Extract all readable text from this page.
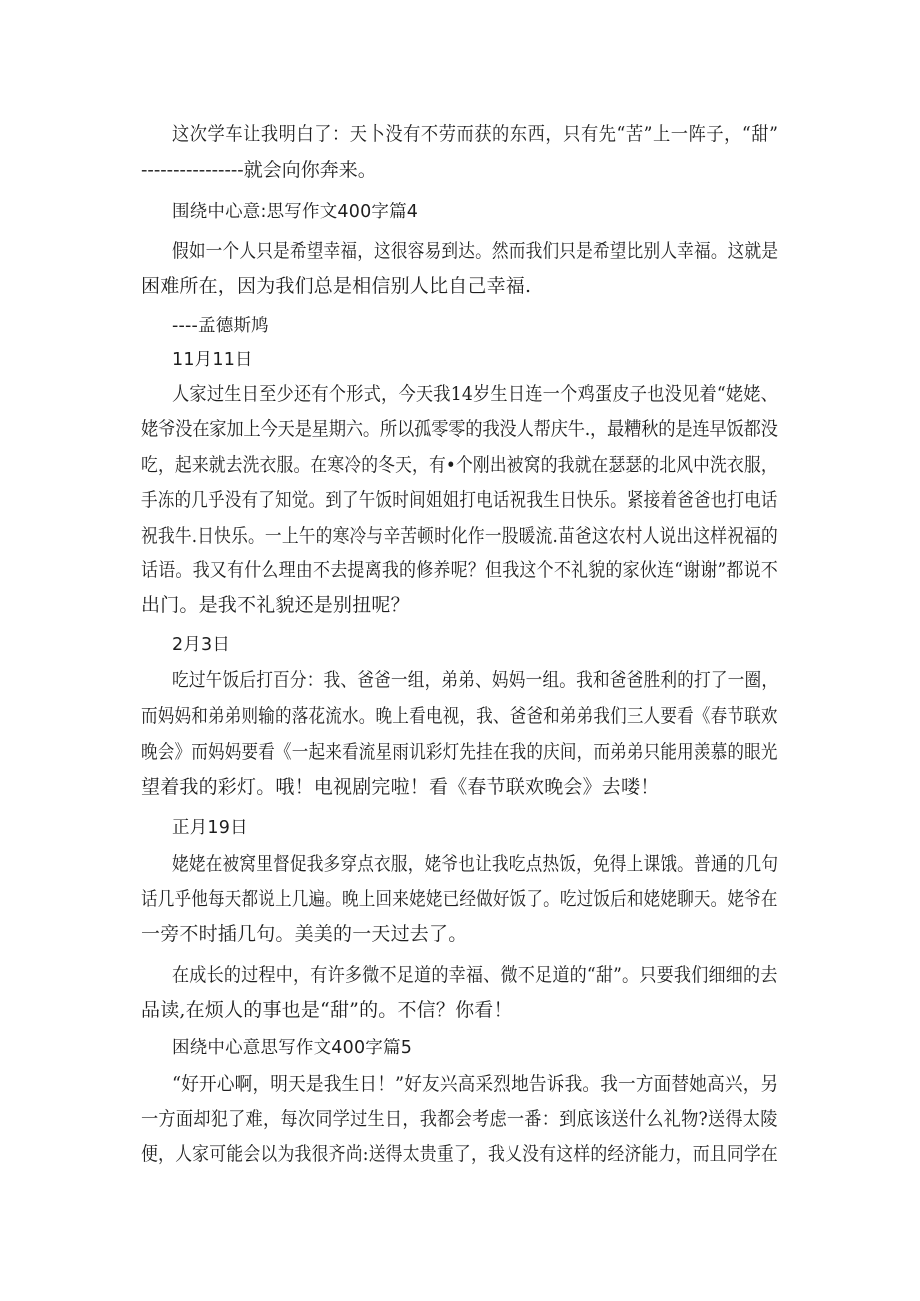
这次学车让我明白了：天卜没有不劳而获的东西，只有先“苦”上一阵子，“甜”
----------------就会向你奔来。
围绕中心意:思写作文400字篇4
假如一个人只是希望幸福，这很容易到达。然而我们只是希望比别人幸福。这就是
困难所在，因为我们总是相信别人比自己幸福.
----孟德斯鸠
11月11日
人家过生日至少还有个形式，今天我14岁生日连一个鸡蛋皮子也没见着“姥姥、
姥爷没在家加上今天是星期六。所以孤零零的我没人帮庆牛.，最糟秋的是连早饭都没
吃，起来就去洗衣服。在寒冷的冬天，有•个刚出被窝的我就在瑟瑟的北风中洗衣服，
手冻的几乎没有了知觉。到了午饭时间姐姐打电话祝我生日快乐。紧接着爸爸也打电话
祝我牛.日快乐。一上午的寒冷与辛苦顿时化作一股暖流.苗爸这农村人说出这样祝福的
话语。我又有什么理由不去提离我的修养呢？但我这个不礼貌的家伙连“谢谢”都说不
出门。是我不礼貌还是别扭呢？
2月3日
吃过午饭后打百分：我、爸爸一组，弟弟、妈妈一组。我和爸爸胜利的打了一圈，
而妈妈和弟弟则输的落花流水。晚上看电视，我、爸爸和弟弟我们三人要看《春节联欢
晚会》而妈妈要看《一起来看流星雨讥彩灯先挂在我的庆间，而弟弟只能用羡慕的眼光
望着我的彩灯。哦！电视剧完啦！看《春节联欢晚会》去喽！
正月19日
姥姥在被窝里督促我多穿点衣服，姥爷也让我吃点热饭，免得上课饿。普通的几句
话几乎他每天都说上几遍。晚上回来姥姥已经做好饭了。吃过饭后和姥姥聊天。姥爷在
一旁不时插几句。美美的一天过去了。
在成长的过程中，有许多微不足道的幸福、微不足道的“甜”。只要我们细细的去
品读,在烦人的事也是“甜”的。不信？你看！
困绕中心意思写作文400字篇5
“好开心啊，明天是我生日！”好友兴高采烈地告诉我。我一方面替她高兴，另
一方面却犯了难，每次同学过生日，我都会考虑一番：到底该送什么礼物?送得太陵
便，人家可能会以为我很齐尚:送得太贵重了，我乂没有这样的经济能力，而且同学在
